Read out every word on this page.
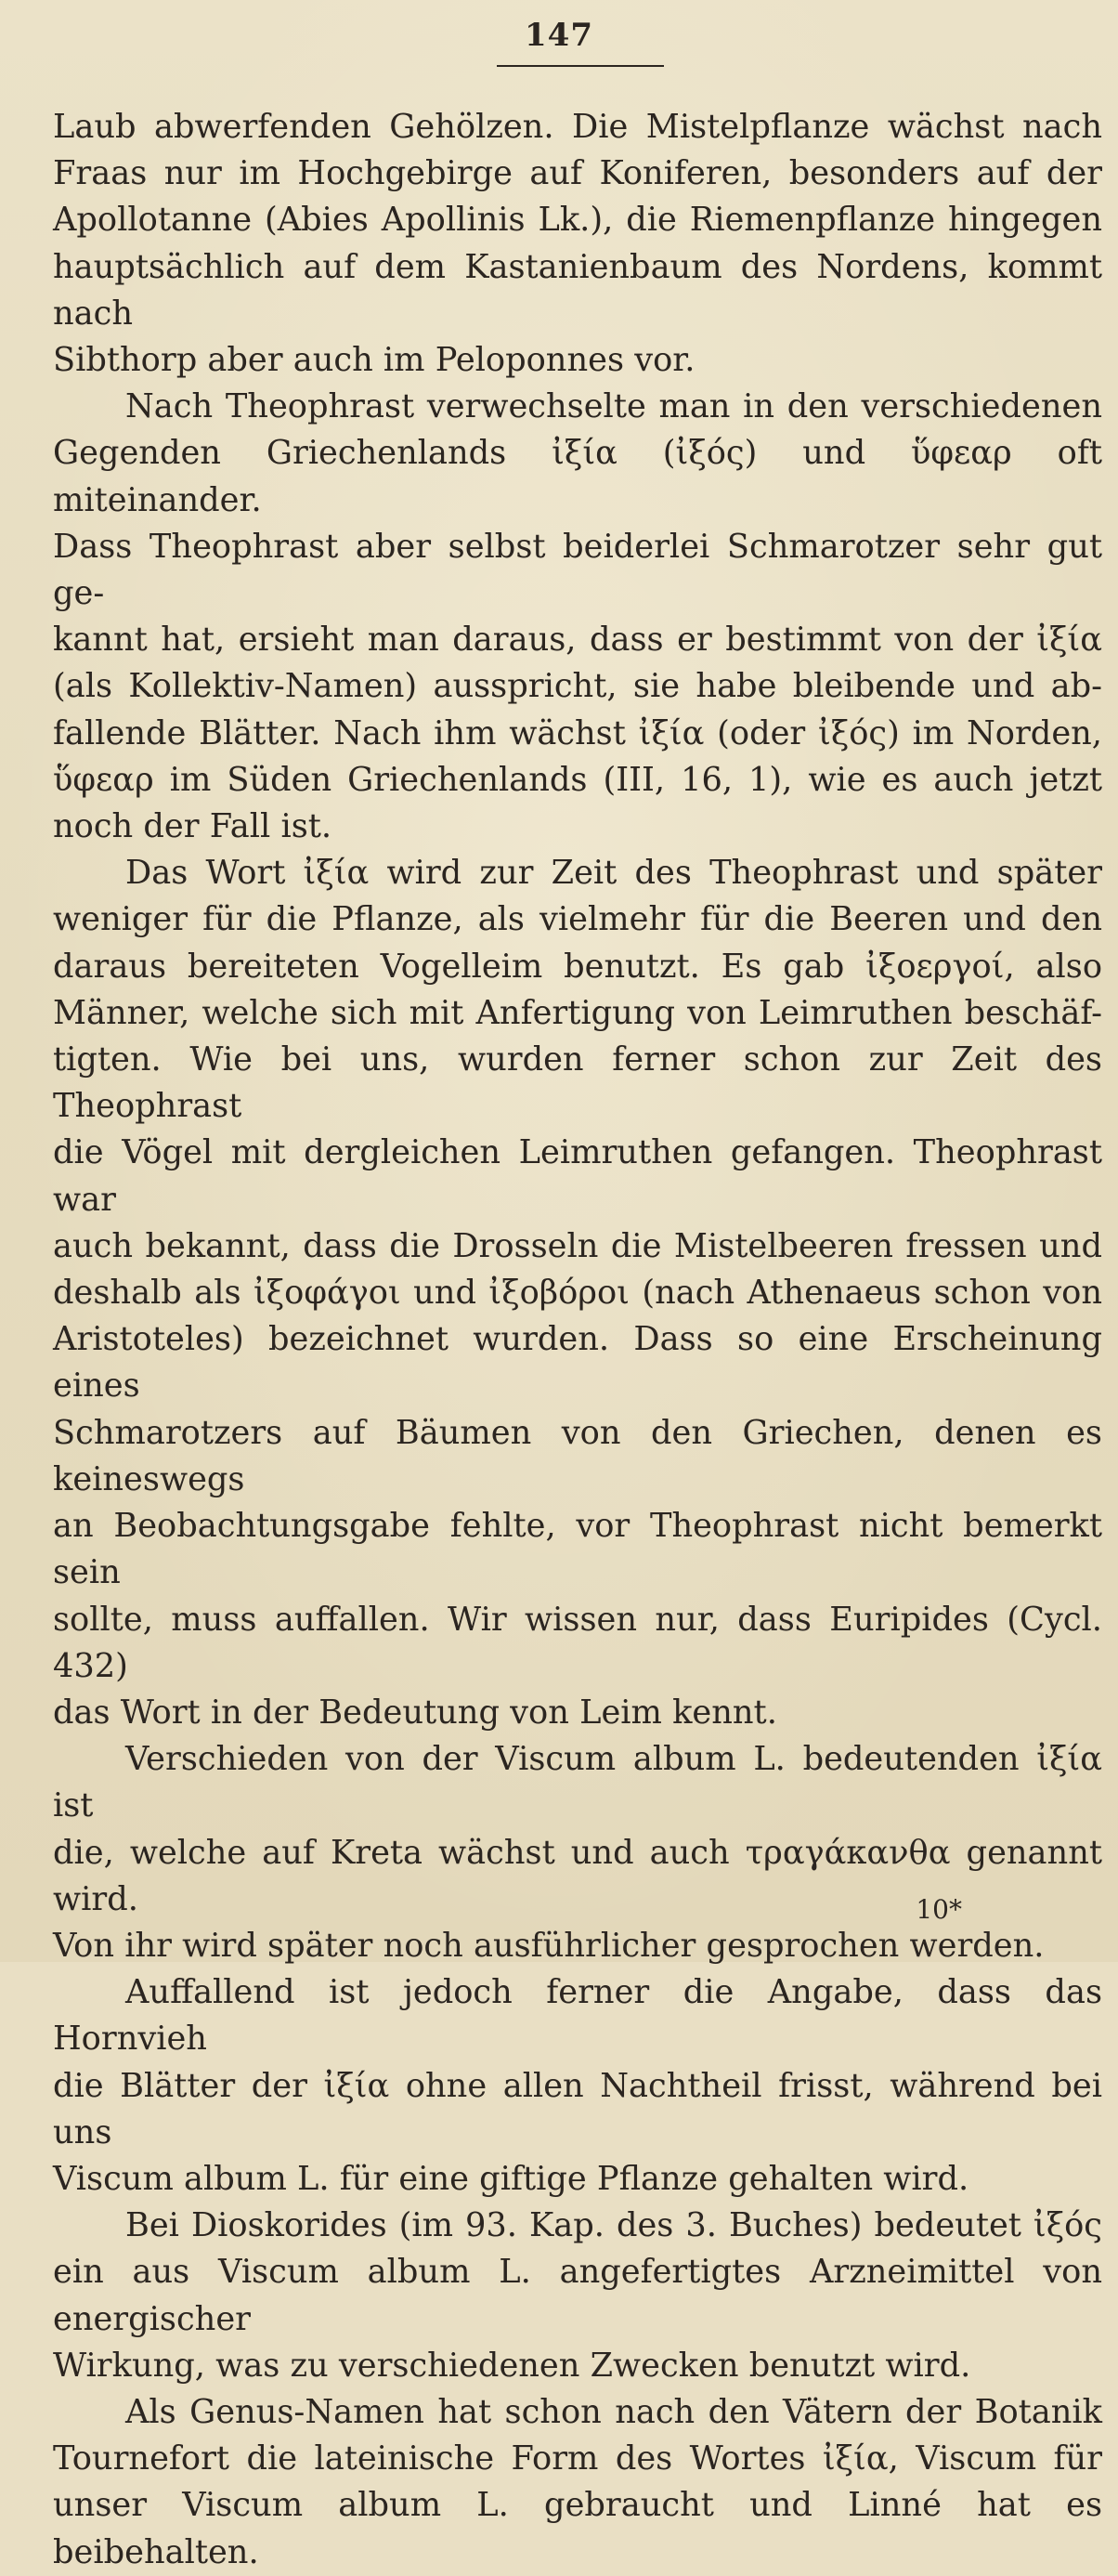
147
Laub abwerfenden Gehölzen. Die Mistelpflanze wächst nach
Fraas nur im Hochgebirge auf Koniferen, besonders auf der
Apollotanne (Abies Apollinis Lk.), die Riemenpflanze hingegen
hauptsächlich auf dem Kastanienbaum des Nordens, kommt nach
Sibthorp aber auch im Peloponnes vor.
Nach Theophrast verwechselte man in den verschiedenen
Gegenden Griechenlands ἰξία (ἰξός) und ὕφεαρ oft miteinander.
Dass Theophrast aber selbst beiderlei Schmarotzer sehr gut ge-
kannt hat, ersieht man daraus, dass er bestimmt von der ἰξία
(als Kollektiv-Namen) ausspricht, sie habe bleibende und ab-
fallende Blätter. Nach ihm wächst ἰξία (oder ἰξός) im Norden,
ὕφεαρ im Süden Griechenlands (III, 16, 1), wie es auch jetzt
noch der Fall ist.
Das Wort ἰξία wird zur Zeit des Theophrast und später
weniger für die Pflanze, als vielmehr für die Beeren und den
daraus bereiteten Vogelleim benutzt. Es gab ἰξοεργοί, also
Männer, welche sich mit Anfertigung von Leimruthen beschäf-
tigten. Wie bei uns, wurden ferner schon zur Zeit des Theophrast
die Vögel mit dergleichen Leimruthen gefangen. Theophrast war
auch bekannt, dass die Drosseln die Mistelbeeren fressen und
deshalb als ἰξοφάγοι und ἰξοβόροι (nach Athenaeus schon von
Aristoteles) bezeichnet wurden. Dass so eine Erscheinung eines
Schmarotzers auf Bäumen von den Griechen, denen es keineswegs
an Beobachtungsgabe fehlte, vor Theophrast nicht bemerkt sein
sollte, muss auffallen. Wir wissen nur, dass Euripides (Cycl. 432)
das Wort in der Bedeutung von Leim kennt.
Verschieden von der Viscum album L. bedeutenden ἰξία ist
die, welche auf Kreta wächst und auch τραγάκανθα genannt wird.
Von ihr wird später noch ausführlicher gesprochen werden.
Auffallend ist jedoch ferner die Angabe, dass das Hornvieh
die Blätter der ἰξία ohne allen Nachtheil frisst, während bei uns
Viscum album L. für eine giftige Pflanze gehalten wird.
Bei Dioskorides (im 93. Kap. des 3. Buches) bedeutet ἰξός
ein aus Viscum album L. angefertigtes Arzneimittel von energischer
Wirkung, was zu verschiedenen Zwecken benutzt wird.
Als Genus-Namen hat schon nach den Vätern der Botanik
Tournefort die lateinische Form des Wortes ἰξία, Viscum für
unser Viscum album L. gebraucht und Linné hat es beibehalten.
10*
